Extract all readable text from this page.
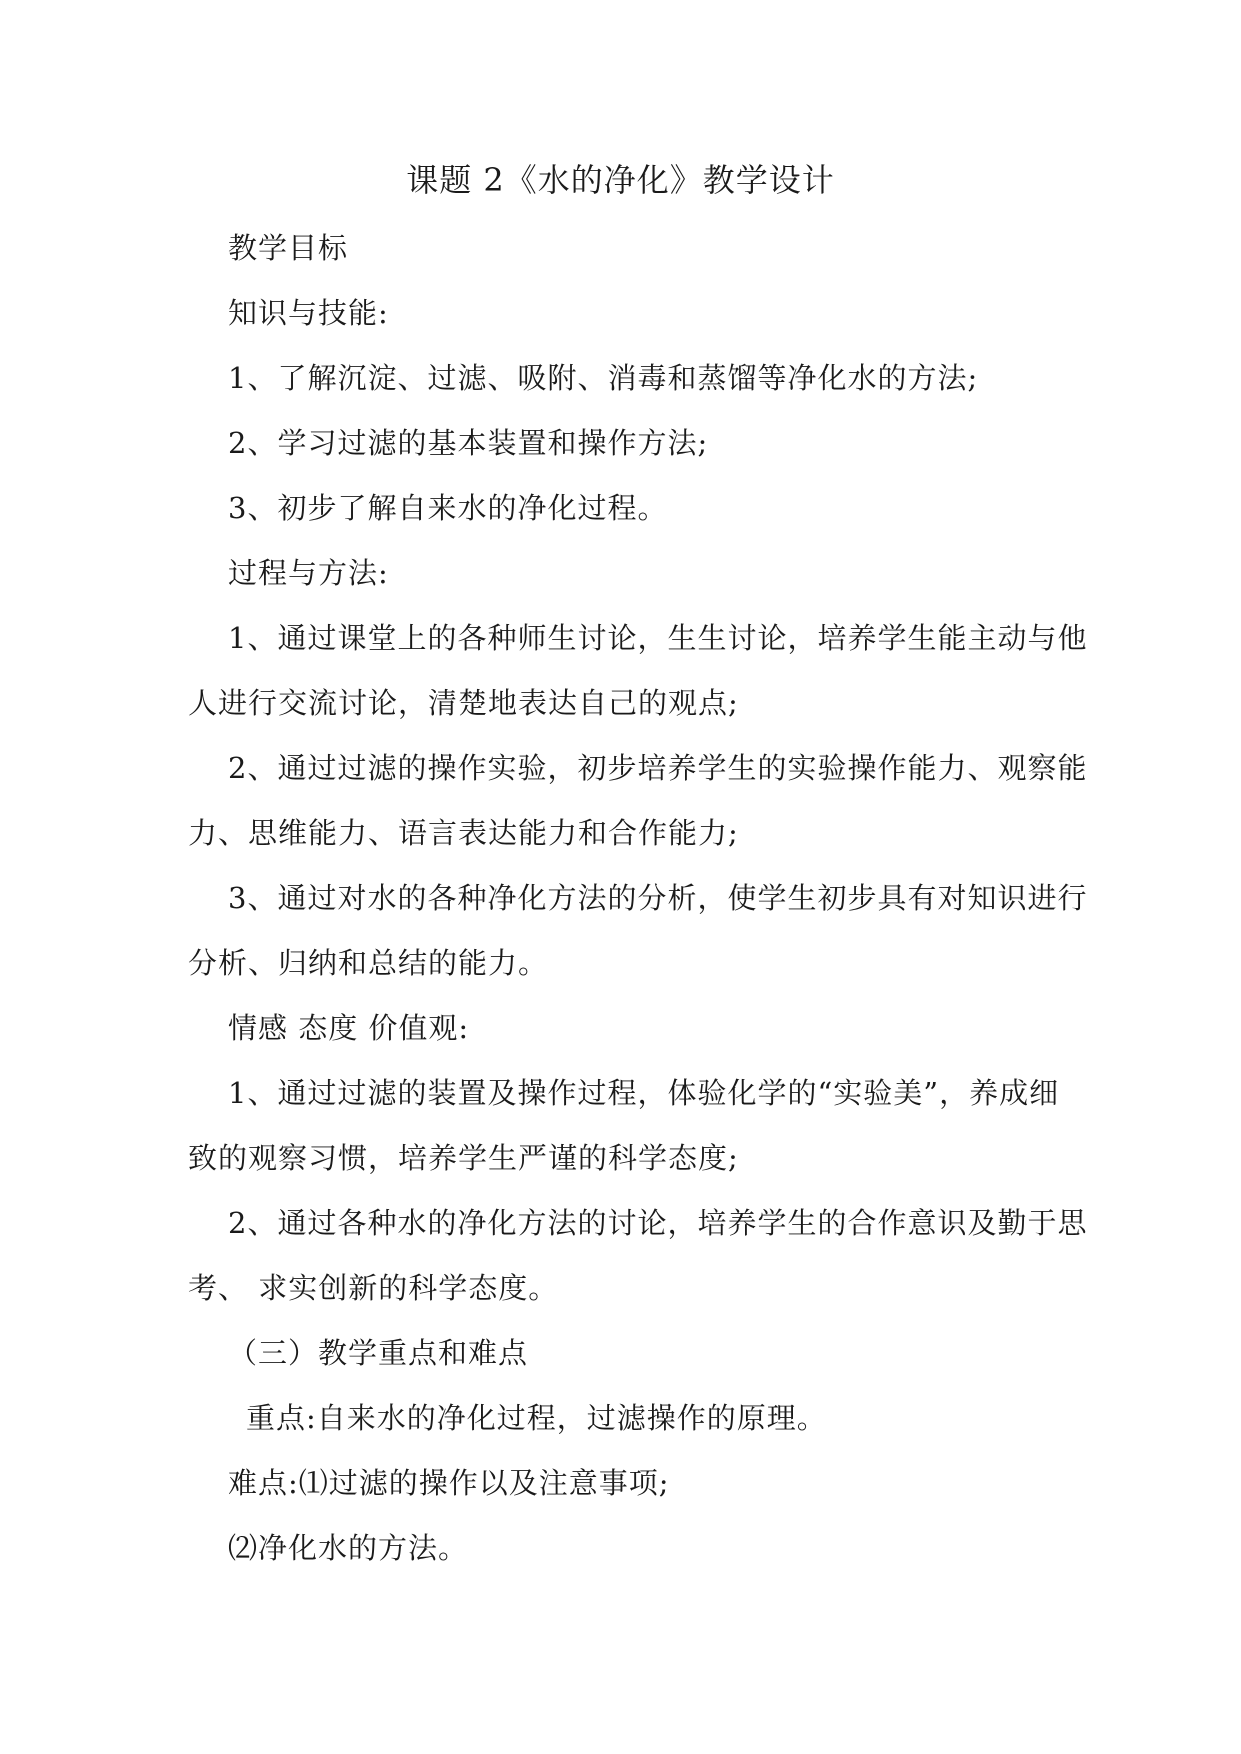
课题 2《水的净化》教学设计
教学目标
知识与技能:
1、了解沉淀、过滤、吸附、消毒和蒸馏等净化水的方法;
2、学习过滤的基本装置和操作方法;
3、初步了解自来水的净化过程。
过程与方法:
1、通过课堂上的各种师生讨论，生生讨论，培养学生能主动与他
人进行交流讨论，清楚地表达自己的观点;
2、通过过滤的操作实验，初步培养学生的实验操作能力、观察能
力、思维能力、语言表达能力和合作能力;
3、通过对水的各种净化方法的分析，使学生初步具有对知识进行
分析、归纳和总结的能力。
情感 态度 价值观:
1、通过过滤的装置及操作过程，体验化学的“实验美”，养成细
致的观察习惯，培养学生严谨的科学态度;
2、通过各种水的净化方法的讨论，培养学生的合作意识及勤于思
考、 求实创新的科学态度。
（三）教学重点和难点
重点:自来水的净化过程，过滤操作的原理。
难点:⑴过滤的操作以及注意事项;
⑵净化水的方法。
